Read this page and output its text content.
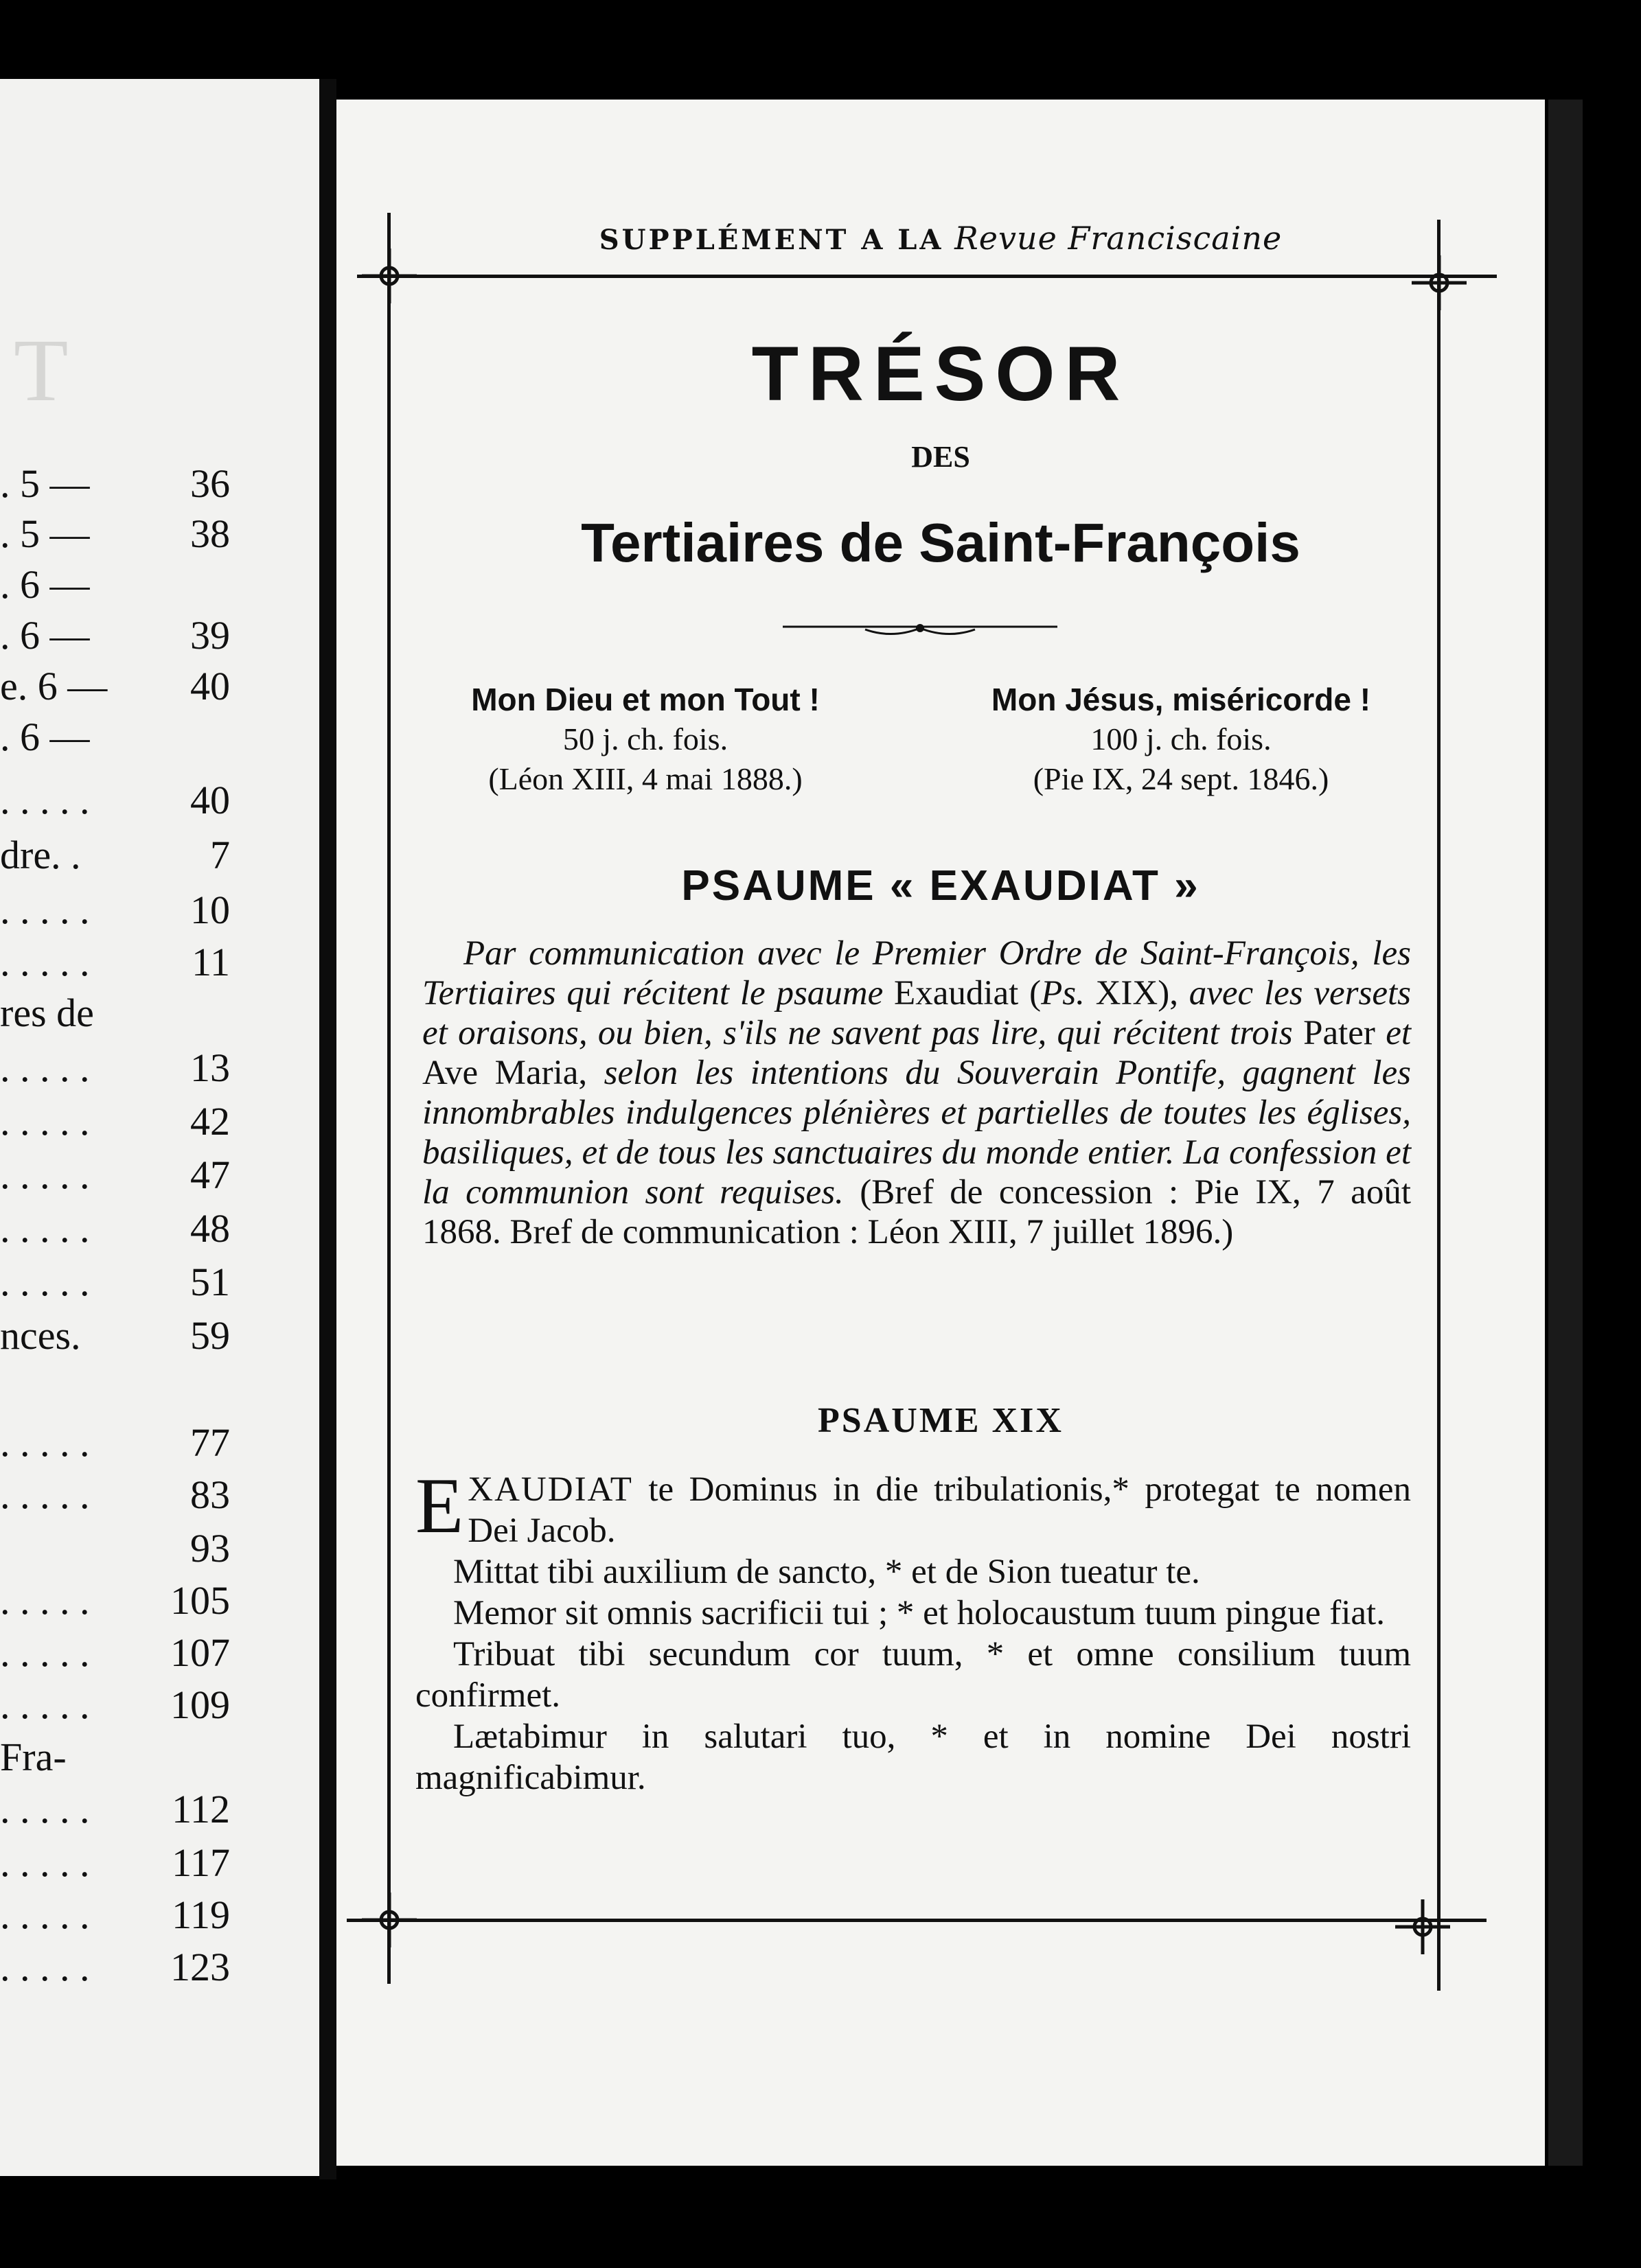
T
. 5 —	36
. 5 —	38
. 6 —
. 6 —	39
e. 6 — 40
. 6 —
. . . . .	40
dre. .	7
. . . . .	10
. . . . .	11
res de
. . . . .	13
. . . . .	42
. . . . .	47
. . . . .	48
. . . . .	51
nces.	59
. . . . .	77
. . . . .	83
93
. . . . . 105
. . . . . 107
. . . . . 109
Fra-
. . . . . 112
. . . . . 117
. . . . . 119
. . . . . 123
SUPPLÉMENT A LA Revue Franciscaine
TRÉSOR
DES
Tertiaires de Saint-François
Mon Dieu et mon Tout !
50 j. ch. fois.
(Léon XIII, 4 mai 1888.)
Mon Jésus, miséricorde !
100 j. ch. fois.
(Pie IX, 24 sept. 1846.)
PSAUME « EXAUDIAT »
Par communication avec le Premier Ordre de Saint-François, les Tertiaires qui récitent le psaume Exaudiat (Ps. XIX), avec les versets et oraisons, ou bien, s'ils ne savent pas lire, qui récitent trois Pater et Ave Maria, selon les intentions du Souverain Pontife, gagnent les innombrables indulgences plénières et partielles de toutes les églises, basiliques, et de tous les sanctuaires du monde entier. La confession et la communion sont requises. (Bref de concession : Pie IX, 7 août 1868. Bref de communication : Léon XIII, 7 juillet 1896.)
PSAUME XIX

EXAUDIAT te Dominus in die tribulationis,* protegat te nomen Dei Jacob.

Mittat tibi auxilium de sancto, * et de Sion tueatur te.

Memor sit omnis sacrificii tui ; * et holocaustum tuum pingue fiat.

Tribuat tibi secundum cor tuum, * et omne consilium tuum confirmet.

Lætabimur in salutari tuo, * et in nomine Dei nostri magnificabimur.
